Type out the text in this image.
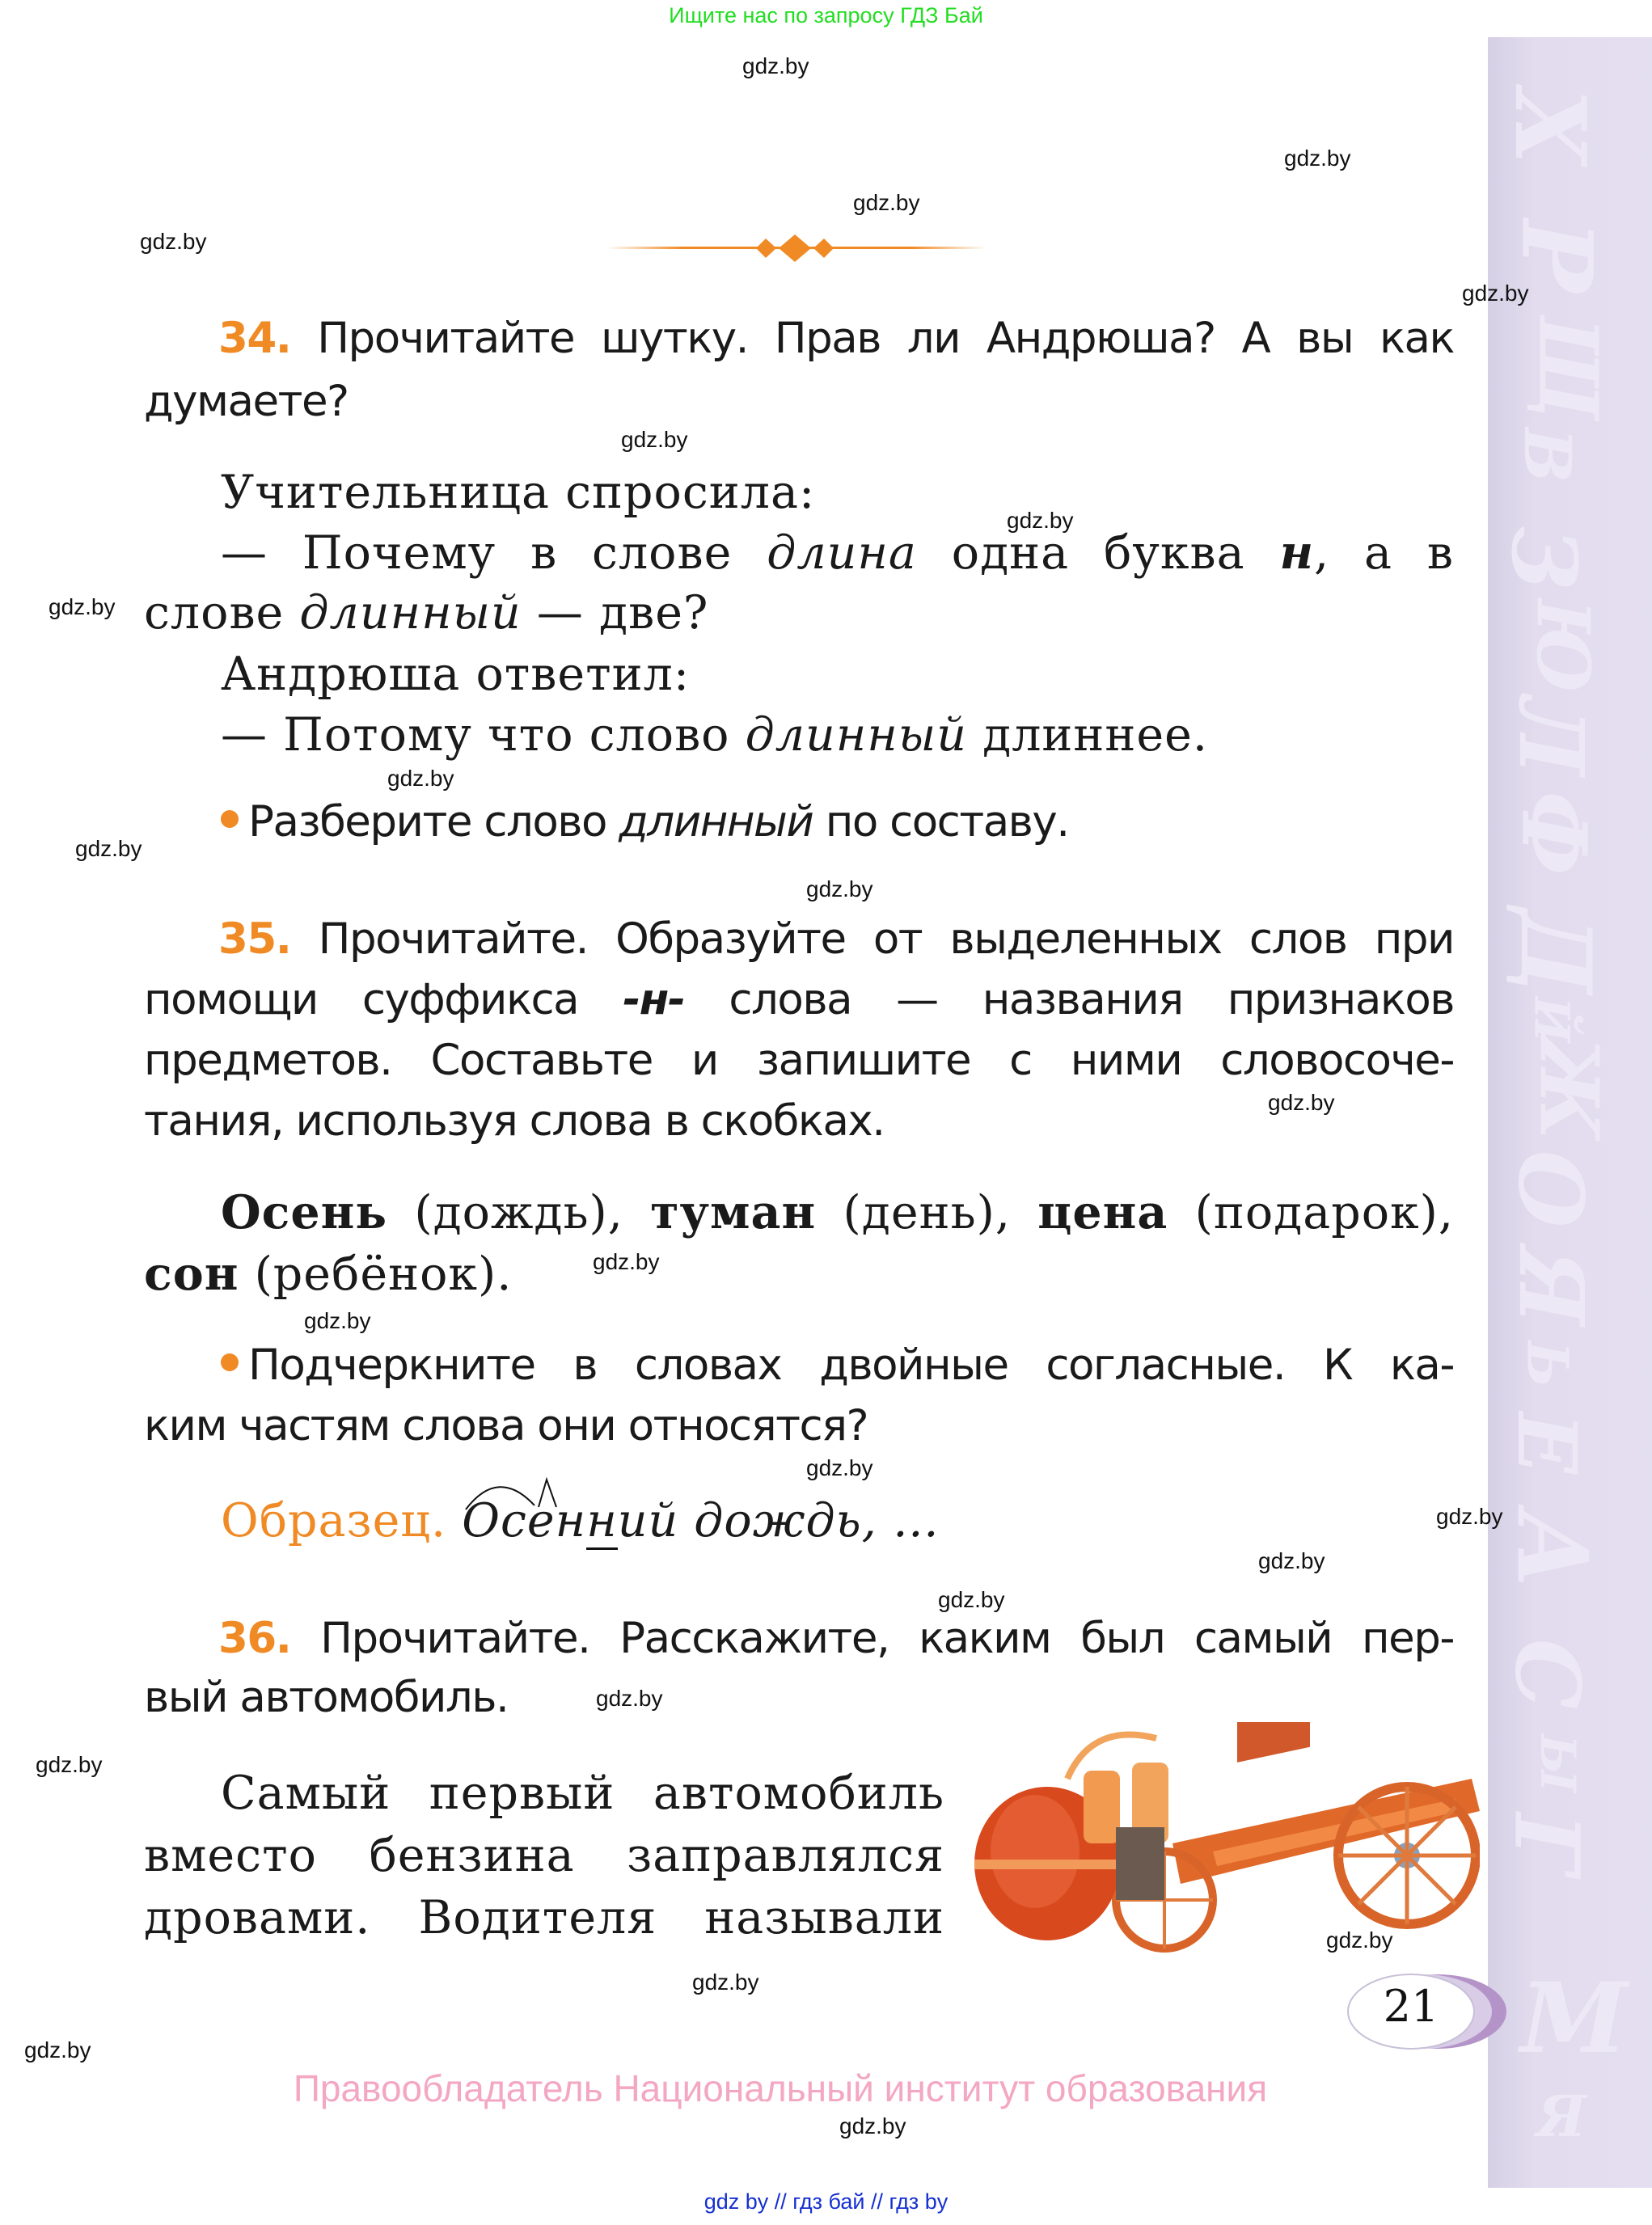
Ищите нас по запросу ГДЗ Бай
Х
Р
Щ
В
З
Ю
Л
Ф
Д
Й
Ж
О
Я
Ь
Е
А
С
Ы
Г
М
Я
34. Прочитайте шутку. Прав ли Андрюша? А вы как
думаете?
Учительница спросила:
— Почему в слове длина одна буква н, а в
слове длинный — две?
Андрюша ответил:
— Потому что слово длинный длиннее.
Разберите слово длинный по составу.
35. Прочитайте. Образуйте от выделенных слов при
помощи суффикса -н- слова — названия признаков
предметов. Составьте и запишите с ними словосоче-
тания, используя слова в скобках.
Осень (дождь), туман (день), цена (подарок),
сон (ребёнок).
Подчеркните в словах двойные согласные. К ка-
ким частям слова они относятся?
Образец. Осенний дождь, …
36. Прочитайте. Расскажите, каким был самый пер-
вый автомобиль.
Самый первый автомобиль
вместо бензина заправлялся
дровами. Водителя называли
21
Правообладатель Национальный институт образования
gdz by // гдз бай // гдз by
gdz.by
gdz.by
gdz.by
gdz.by
gdz.by
gdz.by
gdz.by
gdz.by
gdz.by
gdz.by
gdz.by
gdz.by
gdz.by
gdz.by
gdz.by
gdz.by
gdz.by
gdz.by
gdz.by
gdz.by
gdz.by
gdz.by
gdz.by
gdz.by
